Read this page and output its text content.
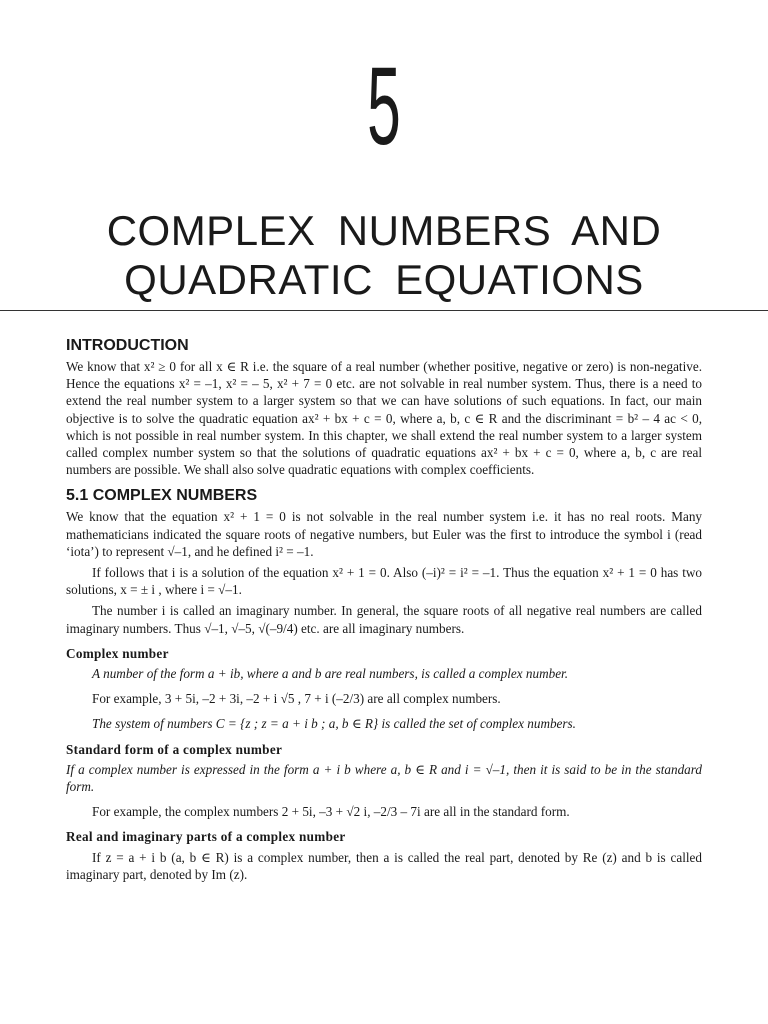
5
COMPLEX NUMBERS AND
QUADRATIC EQUATIONS
INTRODUCTION

We know that x² ≥ 0 for all x ∈ R i.e. the square of a real number (whether positive, negative or zero) is non-negative. Hence the equations x² = –1, x² = – 5, x² + 7 = 0 etc. are not solvable in real number system. Thus, there is a need to extend the real number system to a larger system so that we can have solutions of such equations. In fact, our main objective is to solve the quadratic equation ax² + bx + c = 0, where a, b, c ∈ R and the discriminant = b² – 4 ac < 0, which is not possible in real number system. In this chapter, we shall extend the real number system to a larger system called complex number system so that the solutions of quadratic equations ax² + bx + c = 0, where a, b, c are real numbers are possible. We shall also solve quadratic equations with complex coefficients.

5.1 COMPLEX NUMBERS

We know that the equation x² + 1 = 0 is not solvable in the real number system i.e. it has no real roots. Many mathematicians indicated the square roots of negative numbers, but Euler was the first to introduce the symbol i (read ‘iota’) to represent √–1, and he defined i² = –1.

If follows that i is a solution of the equation x² + 1 = 0. Also (–i)² = i² = –1. Thus the equation x² + 1 = 0 has two solutions, x = ± i , where i = √–1.

The number i is called an imaginary number. In general, the square roots of all negative real numbers are called imaginary numbers. Thus √–1, √–5, √(–9/4) etc. are all imaginary numbers.

Complex number

A number of the form a + ib, where a and b are real numbers, is called a complex number.

For example, 3 + 5i, –2 + 3i, –2 + i √5 , 7 + i (–2/3) are all complex numbers.

The system of numbers C = {z ; z = a + i b ; a, b ∈ R} is called the set of complex numbers.

Standard form of a complex number

If a complex number is expressed in the form a + i b where a, b ∈ R and i = √–1, then it is said to be in the standard form.

For example, the complex numbers 2 + 5i, –3 + √2 i, –2/3 – 7i are all in the standard form.

Real and imaginary parts of a complex number

If z = a + i b (a, b ∈ R) is a complex number, then a is called the real part, denoted by Re (z) and b is called imaginary part, denoted by Im (z).
